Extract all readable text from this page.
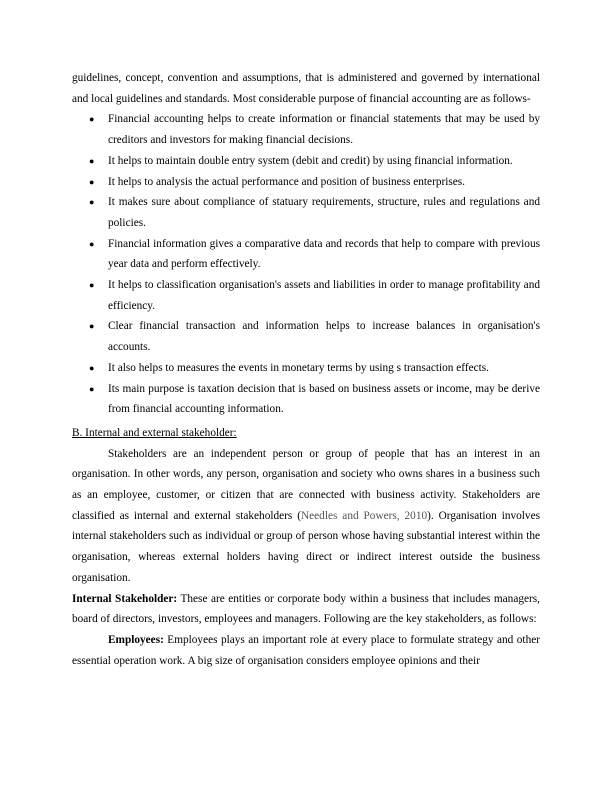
guidelines, concept, convention and assumptions, that is administered and governed by international and local guidelines and standards. Most considerable purpose of financial accounting are as follows-

● Financial accounting helps to create information or financial statements that may be used by creditors and investors for making financial decisions.
● It helps to maintain double entry system (debit and credit) by using financial information.
● It helps to analysis the actual performance and position of business enterprises.
● It makes sure about compliance of statuary requirements, structure, rules and regulations and policies.
● Financial information gives a comparative data and records that help to compare with previous year data and perform effectively.
● It helps to classification organisation's assets and liabilities in order to manage profitability and efficiency.
● Clear financial transaction and information helps to increase balances in organisation's accounts.
● It also helps to measures the events in monetary terms by using s transaction effects.
● Its main purpose is taxation decision that is based on business assets or income, may be derive from financial accounting information.

B. Internal and external stakeholder:

Stakeholders are an independent person or group of people that has an interest in an organisation. In other words, any person, organisation and society who owns shares in a business such as an employee, customer, or citizen that are connected with business activity. Stakeholders are classified as internal and external stakeholders (Needles and Powers, 2010). Organisation involves internal stakeholders such as individual or group of person whose having substantial interest within the organisation, whereas external holders having direct or indirect interest outside the business organisation.

Internal Stakeholder: These are entities or corporate body within a business that includes managers, board of directors, investors, employees and managers. Following are the key stakeholders, as follows:

Employees: Employees plays an important role at every place to formulate strategy and other essential operation work. A big size of organisation considers employee opinions and their
